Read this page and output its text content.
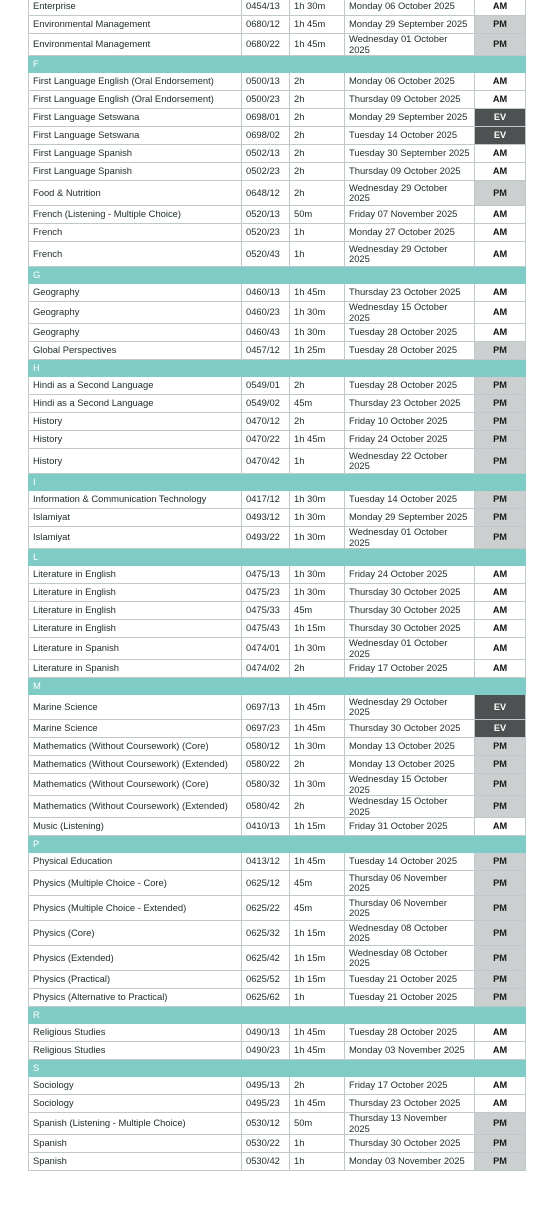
Enterprise	0454/13	1h 30m	Monday 06 October 2025	AM
Environmental Management	0680/12	1h 45m	Monday 29 September 2025	PM
Environmental Management	0680/22	1h 45m	Wednesday 01 October 2025	PM
F				
First Language English (Oral Endorsement)	0500/13	2h	Monday 06 October 2025	AM
First Language English (Oral Endorsement)	0500/23	2h	Thursday 09 October 2025	AM
First Language Setswana	0698/01	2h	Monday 29 September 2025	EV
First Language Setswana	0698/02	2h	Tuesday 14 October 2025	EV
First Language Spanish	0502/13	2h	Tuesday 30 September 2025	AM
First Language Spanish	0502/23	2h	Thursday 09 October 2025	AM
Food & Nutrition	0648/12	2h	Wednesday 29 October 2025	PM
French (Listening - Multiple Choice)	0520/13	50m	Friday 07 November 2025	AM
French	0520/23	1h	Monday 27 October 2025	AM
French	0520/43	1h	Wednesday 29 October 2025	AM
G				
Geography	0460/13	1h 45m	Thursday 23 October 2025	AM
Geography	0460/23	1h 30m	Wednesday 15 October 2025	AM
Geography	0460/43	1h 30m	Tuesday 28 October 2025	AM
Global Perspectives	0457/12	1h 25m	Tuesday 28 October 2025	PM
H				
Hindi as a Second Language	0549/01	2h	Tuesday 28 October 2025	PM
Hindi as a Second Language	0549/02	45m	Thursday 23 October 2025	PM
History	0470/12	2h	Friday 10 October 2025	PM
History	0470/22	1h 45m	Friday 24 October 2025	PM
History	0470/42	1h	Wednesday 22 October 2025	PM
I				
Information & Communication Technology	0417/12	1h 30m	Tuesday 14 October 2025	PM
Islamiyat	0493/12	1h 30m	Monday 29 September 2025	PM
Islamiyat	0493/22	1h 30m	Wednesday 01 October 2025	PM
L				
Literature in English	0475/13	1h 30m	Friday 24 October 2025	AM
Literature in English	0475/23	1h 30m	Thursday 30 October 2025	AM
Literature in English	0475/33	45m	Thursday 30 October 2025	AM
Literature in English	0475/43	1h 15m	Thursday 30 October 2025	AM
Literature in Spanish	0474/01	1h 30m	Wednesday 01 October 2025	AM
Literature in Spanish	0474/02	2h	Friday 17 October 2025	AM
M				
Marine Science	0697/13	1h 45m	Wednesday 29 October 2025	EV
Marine Science	0697/23	1h 45m	Thursday 30 October 2025	EV
Mathematics (Without Coursework) (Core)	0580/12	1h 30m	Monday 13 October 2025	PM
Mathematics (Without Coursework) (Extended)	0580/22	2h	Monday 13 October 2025	PM
Mathematics (Without Coursework) (Core)	0580/32	1h 30m	Wednesday 15 October 2025	PM
Mathematics (Without Coursework) (Extended)	0580/42	2h	Wednesday 15 October 2025	PM
Music (Listening)	0410/13	1h 15m	Friday 31 October 2025	AM
P				
Physical Education	0413/12	1h 45m	Tuesday 14 October 2025	PM
Physics (Multiple Choice - Core)	0625/12	45m	Thursday 06 November 2025	PM
Physics (Multiple Choice - Extended)	0625/22	45m	Thursday 06 November 2025	PM
Physics (Core)	0625/32	1h 15m	Wednesday 08 October 2025	PM
Physics (Extended)	0625/42	1h 15m	Wednesday 08 October 2025	PM
Physics (Practical)	0625/52	1h 15m	Tuesday 21 October 2025	PM
Physics (Alternative to Practical)	0625/62	1h	Tuesday 21 October 2025	PM
R				
Religious Studies	0490/13	1h 45m	Tuesday 28 October 2025	AM
Religious Studies	0490/23	1h 45m	Monday 03 November 2025	AM
S				
Sociology	0495/13	2h	Friday 17 October 2025	AM
Sociology	0495/23	1h 45m	Thursday 23 October 2025	AM
Spanish (Listening - Multiple Choice)	0530/12	50m	Thursday 13 November 2025	PM
Spanish	0530/22	1h	Thursday 30 October 2025	PM
Spanish	0530/42	1h	Monday 03 November 2025	PM
